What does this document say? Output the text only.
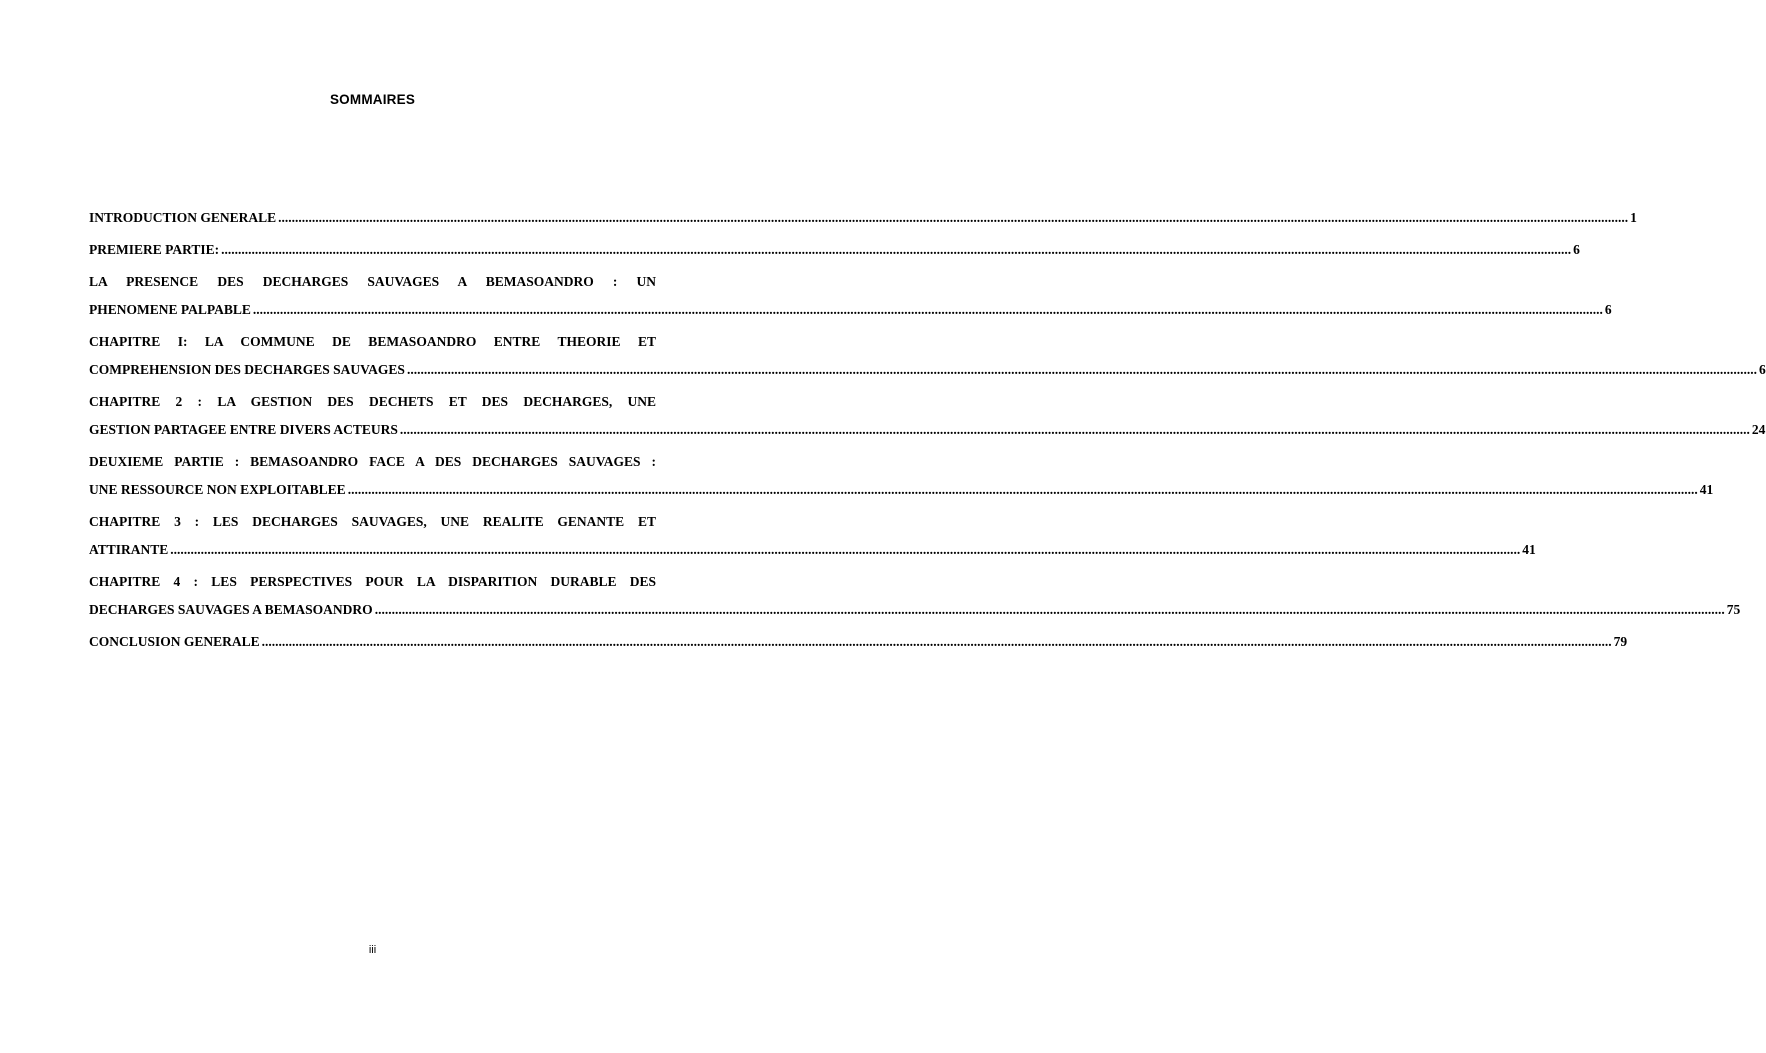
SOMMAIRES
INTRODUCTION GENERALE ................................................................................................................................................................................................................................................................................................................................................................................................................ 1
PREMIERE PARTIE: ................................................................................................................................................................................................................................................................................................................................................................................................................ 6
LA PRESENCE DES DECHARGES SAUVAGES A BEMASOANDRO : UN
PHENOMENE PALPABLE ................................................................................................................................................................................................................................................................................................................................................................................................................ 6
CHAPITRE I: LA COMMUNE DE BEMASOANDRO ENTRE THEORIE ET
COMPREHENSION DES DECHARGES SAUVAGES ................................................................................................................................................................................................................................................................................................................................................................................................................ 6
CHAPITRE 2 : LA GESTION DES DECHETS ET DES DECHARGES, UNE
GESTION PARTAGEE ENTRE DIVERS ACTEURS ................................................................................................................................................................................................................................................................................................................................................................................................................ 24
DEUXIEME PARTIE : BEMASOANDRO FACE A DES DECHARGES SAUVAGES :
UNE RESSOURCE NON EXPLOITABLEE ................................................................................................................................................................................................................................................................................................................................................................................................................ 41
CHAPITRE 3 : LES DECHARGES SAUVAGES, UNE REALITE GENANTE ET
ATTIRANTE ................................................................................................................................................................................................................................................................................................................................................................................................................ 41
CHAPITRE 4 : LES PERSPECTIVES POUR LA DISPARITION DURABLE DES
DECHARGES SAUVAGES A BEMASOANDRO ................................................................................................................................................................................................................................................................................................................................................................................................................ 75
CONCLUSION GENERALE ................................................................................................................................................................................................................................................................................................................................................................................................................ 79
iii
